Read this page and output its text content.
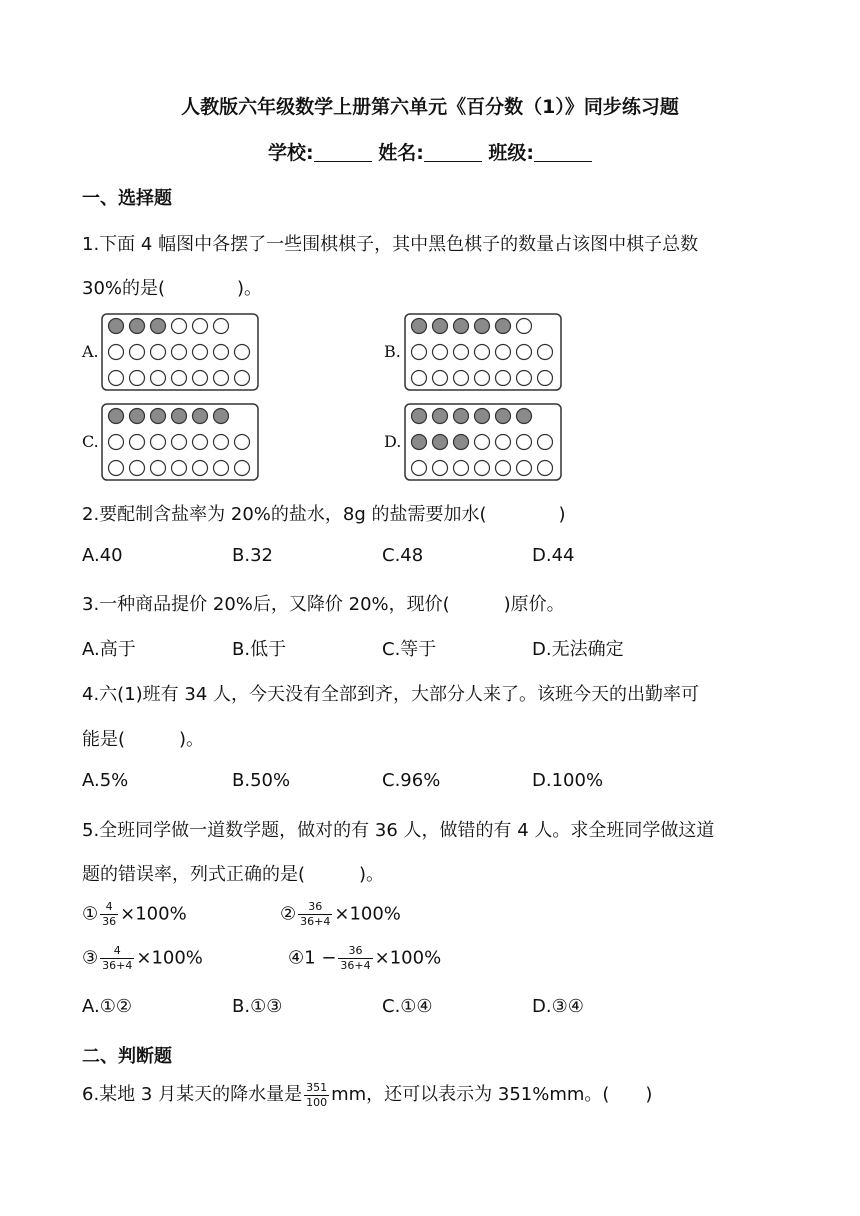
人教版六年级数学上册第六单元《百分数（1）》同步练习题
学校:	姓名:	班级:
一、选择题
1.下面 4 幅图中各摆了一些围棋棋子，其中黑色棋子的数量占该图中棋子总数
30%的是(　　　　)。
A.	B.
C.	D.
2.要配制含盐率为 20%的盐水，8g 的盐需要加水(　　　　)
A.40	B.32	C.48	D.44
3.一种商品提价 20%后，又降价 20%，现价(　　　)原价。
A.高于	B.低于	C.等于	D.无法确定
4.六(1)班有 34 人，今天没有全部到齐，大部分人来了。该班今天的出勤率可
能是(　　　)。
A.5%	B.50%	C.96%	D.100%
5.全班同学做一道数学题，做对的有 36 人，做错的有 4 人。求全班同学做这道
题的错误率，列式正确的是(　　　)。
① $\frac{4}{36} \times 100\%$	② $\frac{36}{36+4} \times 100\%$
③ $\frac{4}{36+4} \times 100\%$	④1 − $\frac{36}{36+4} \times 100\%$
A.①②	B.①③	C.①④	D.③④
二、判断题
6.某地 3 月某天的降水量是 $\frac{351}{100}$ mm，还可以表示为 351%mm。(　　)
